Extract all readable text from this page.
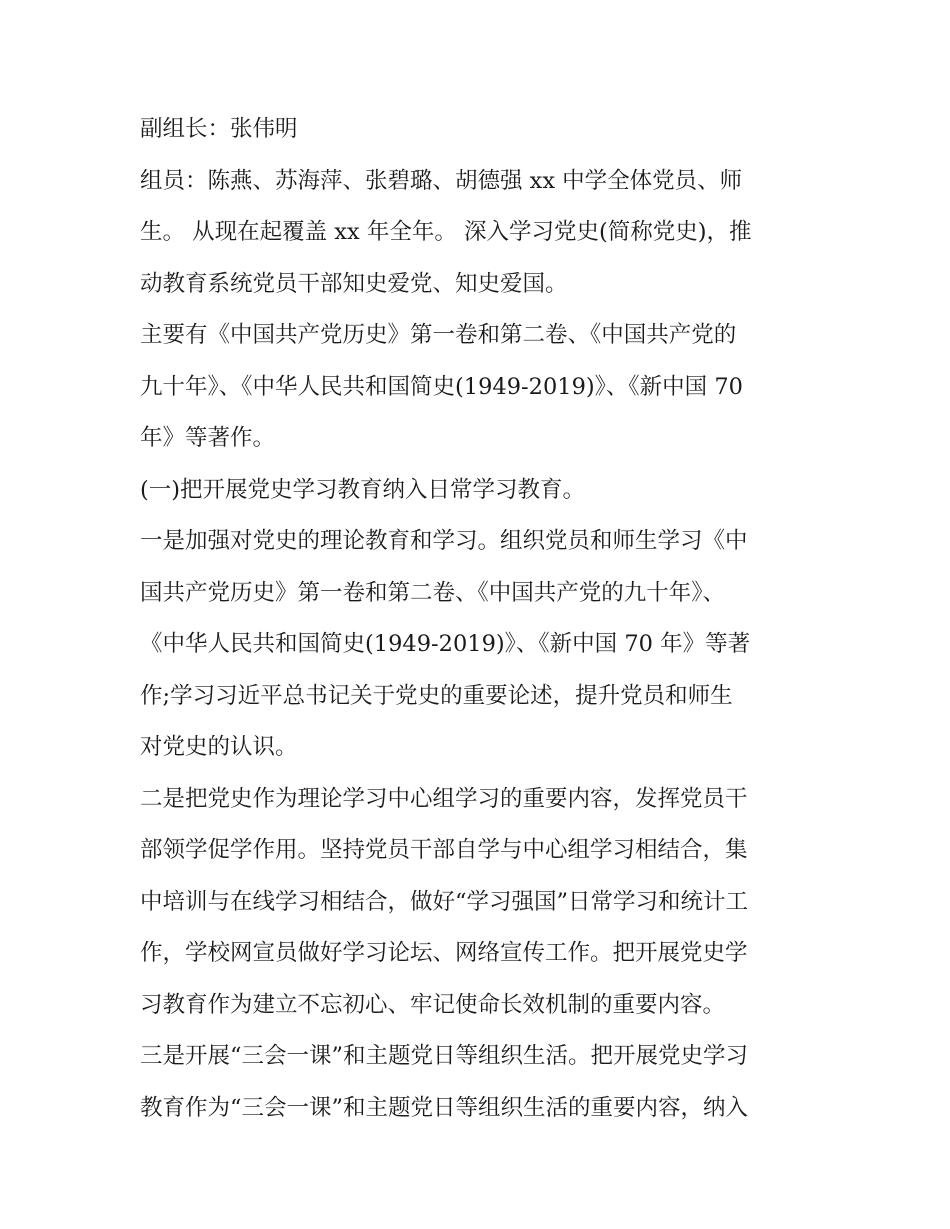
副组长：张伟明

组员：陈燕、苏海萍、张碧璐、胡德强 xx 中学全体党员、师
生。 从现在起覆盖 xx 年全年。 深入学习党史(简称党史)，推
动教育系统党员干部知史爱党、知史爱国。

主要有《中国共产党历史》第一卷和第二卷、《中国共产党的
九十年》、《中华人民共和国简史(1949-2019)》、《新中国 70
年》等著作。

(一)把开展党史学习教育纳入日常学习教育。

一是加强对党史的理论教育和学习。组织党员和师生学习《中
国共产党历史》第一卷和第二卷、《中国共产党的九十年》、
《中华人民共和国简史(1949-2019)》、《新中国 70 年》等著
作;学习习近平总书记关于党史的重要论述，提升党员和师生
对党史的认识。

二是把党史作为理论学习中心组学习的重要内容，发挥党员干
部领学促学作用。坚持党员干部自学与中心组学习相结合，集
中培训与在线学习相结合，做好“学习强国”日常学习和统计工
作，学校网宣员做好学习论坛、网络宣传工作。把开展党史学
习教育作为建立不忘初心、牢记使命长效机制的重要内容。

三是开展“三会一课”和主题党日等组织生活。把开展党史学习
教育作为“三会一课”和主题党日等组织生活的重要内容，纳入
